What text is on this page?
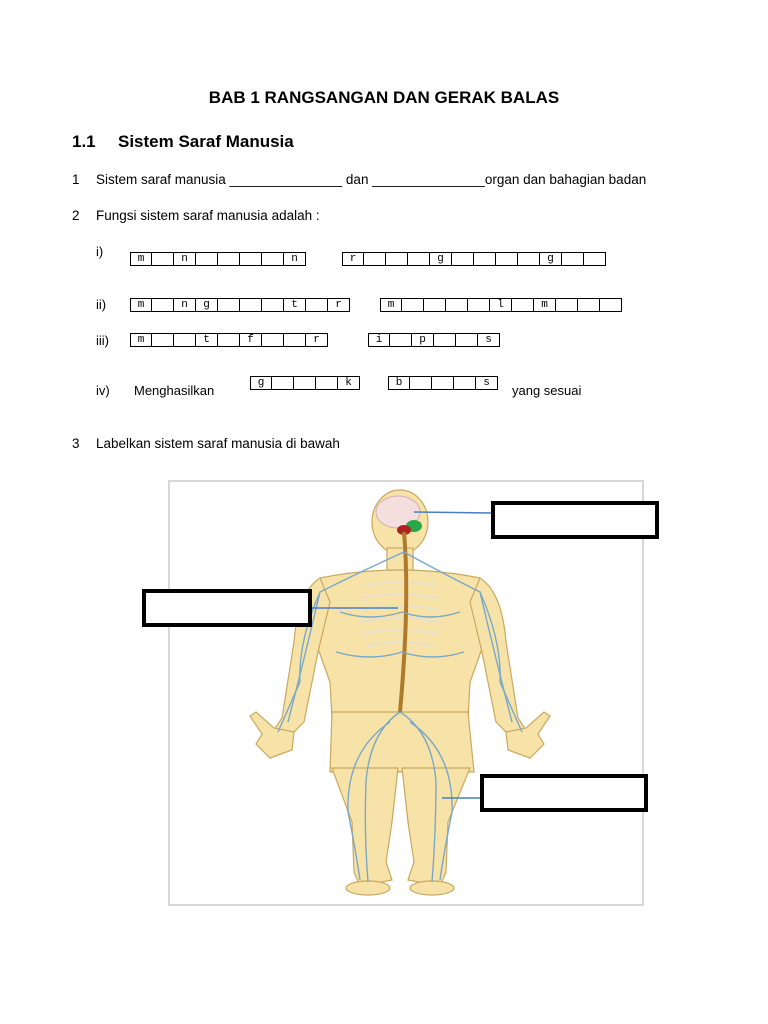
BAB 1 RANGSANGAN DAN GERAK BALAS
1.1 Sistem Saraf Manusia
1 Sistem saraf manusia _______________ dan _______________organ dan bahagian badan
2 Fungsi sistem saraf manusia adalah :
i)	m	n	n	r	g	g
ii)	m	n	g	t	r	m	l	m
iii)	m	t	f	r	i	p	s
iv) Menghasilkan	g	k	b	s	yang sesuai
3 Labelkan sistem saraf manusia di bawah
